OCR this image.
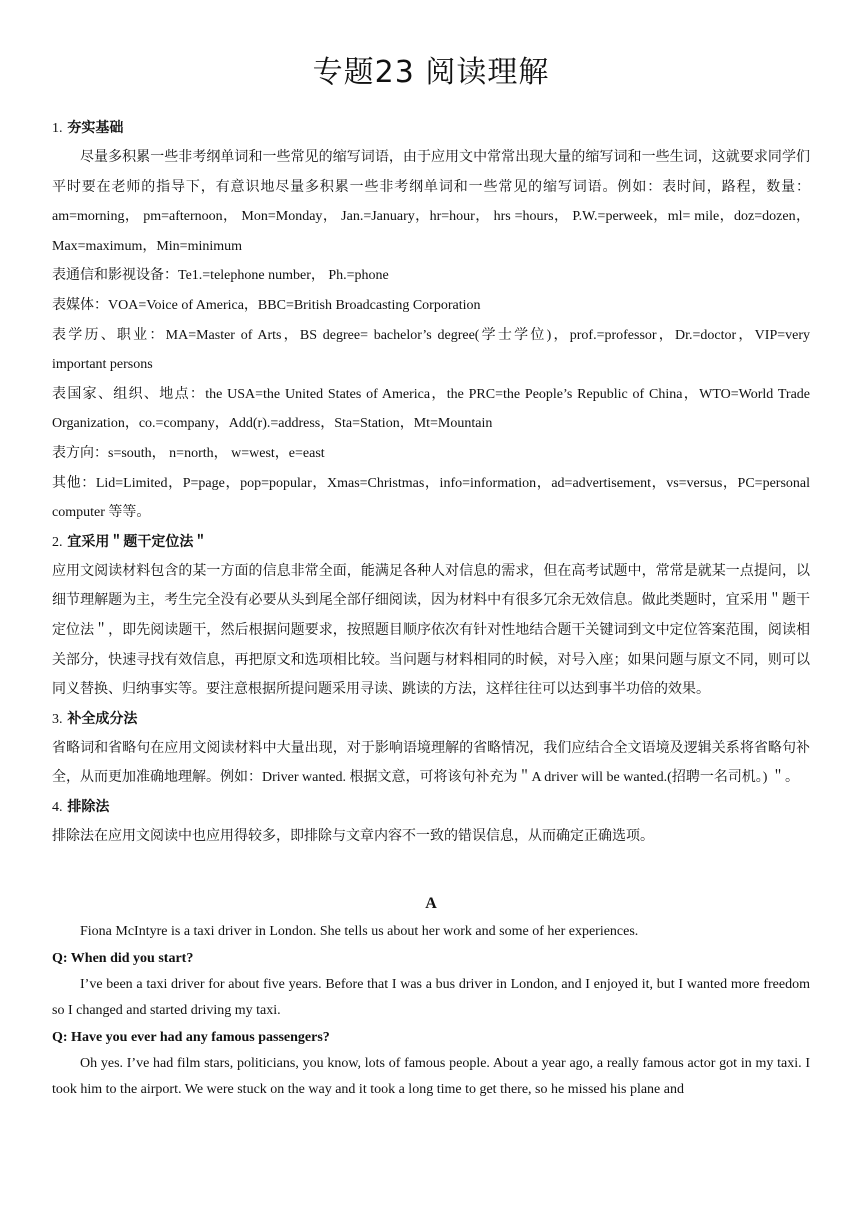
专题23 阅读理解
1. 夯实基础

尽量多积累一些非考纲单词和一些常见的缩写词语，由于应用文中常常出现大量的缩写词和一些生词，这就要求同学们平时要在老师的指导下，有意识地尽量多积累一些非考纲单词和一些常见的缩写词语。例如：表时间，路程，数量：am=morning， pm=afternoon， Mon=Monday， Jan.=January，hr=hour， hrs =hours， P.W.=perweek，ml= mile，doz=dozen，Max=maximum，Min=minimum

表通信和影视设备：Te1.=telephone number， Ph.=phone

表媒体：VOA=Voice of America，BBC=British Broadcasting Corporation

表学历、职业：MA=Master of Arts，BS degree= bachelor’s degree(学士学位)，prof.=professor，Dr.=doctor，VIP=very important persons

表国家、组织、地点：the USA=the United States of America，the PRC=the People’s Republic of China，WTO=World Trade Organization，co.=company，Add(r).=address，Sta=Station，Mt=Mountain

表方向：s=south， n=north， w=west，e=east

其他：Lid=Limited，P=page，pop=popular，Xmas=Christmas，info=information，ad=advertisement，vs=versus，PC=personal computer 等等。

2. 宜采用＂题干定位法＂

应用文阅读材料包含的某一方面的信息非常全面，能满足各种人对信息的需求，但在高考试题中，常常是就某一点提问，以细节理解题为主，考生完全没有必要从头到尾全部仔细阅读，因为材料中有很多冗余无效信息。做此类题时，宜采用＂题干定位法＂，即先阅读题干，然后根据问题要求，按照题目顺序依次有针对性地结合题干关键词到文中定位答案范围，阅读相关部分，快速寻找有效信息，再把原文和选项相比较。当问题与材料相同的时候，对号入座；如果问题与原文不同，则可以同义替换、归纳事实等。要注意根据所提问题采用寻读、跳读的方法，这样往往可以达到事半功倍的效果。

3. 补全成分法

省略词和省略句在应用文阅读材料中大量出现，对于影响语境理解的省略情况，我们应结合全文语境及逻辑关系将省略句补全，从而更加准确地理解。例如：Driver wanted. 根据文意，可将该句补充为＂A driver will be wanted.(招聘一名司机。) ＂。

4. 排除法

排除法在应用文阅读中也应用得较多，即排除与文章内容不一致的错误信息，从而确定正确选项。

A

Fiona McIntyre is a taxi driver in London. She tells us about her work and some of her experiences.

Q: When did you start?

I’ve been a taxi driver for about five years. Before that I was a bus driver in London, and I enjoyed it, but I wanted more freedom so I changed and started driving my taxi.

Q: Have you ever had any famous passengers?

Oh yes. I’ve had film stars, politicians, you know, lots of famous people. About a year ago, a really famous actor got in my taxi. I took him to the airport. We were stuck on the way and it took a long time to get there, so he missed his plane and
